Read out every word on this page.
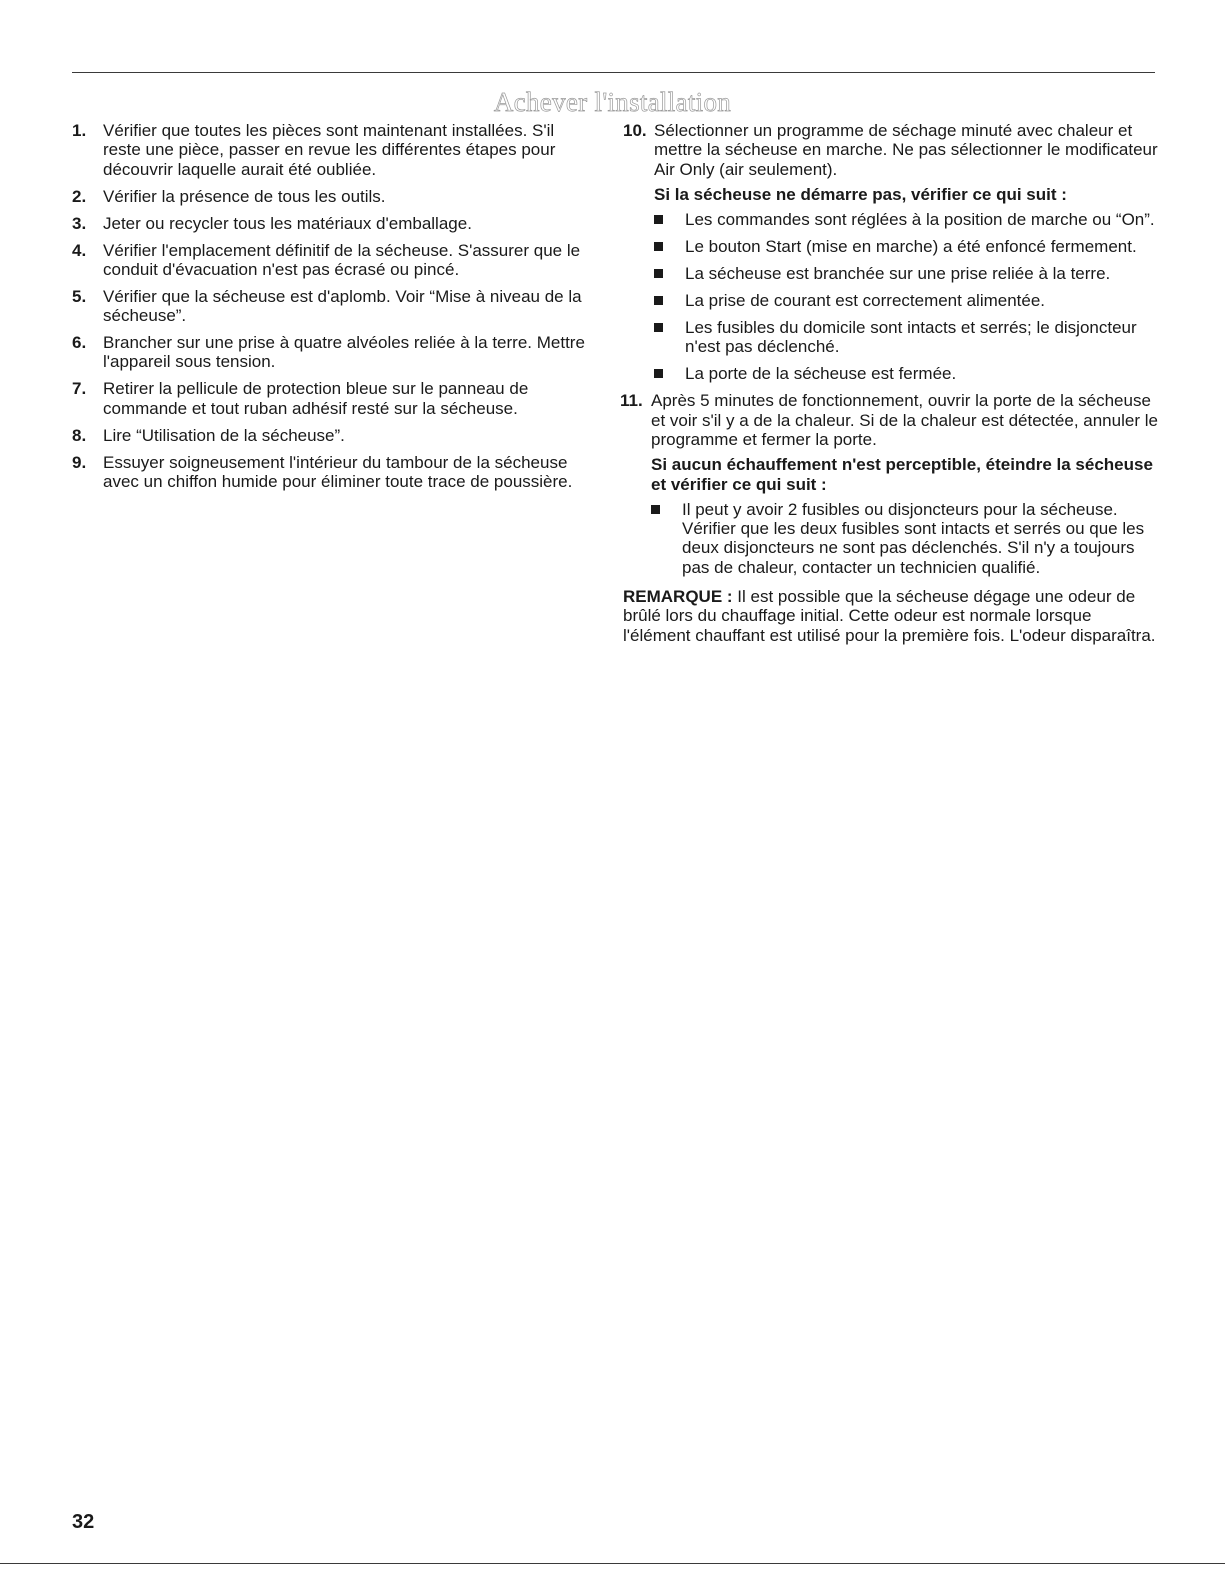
Achever l'installation
1. Vérifier que toutes les pièces sont maintenant installées. S'il reste une pièce, passer en revue les différentes étapes pour découvrir laquelle aurait été oubliée.
2. Vérifier la présence de tous les outils.
3. Jeter ou recycler tous les matériaux d'emballage.
4. Vérifier l'emplacement définitif de la sécheuse. S'assurer que le conduit d'évacuation n'est pas écrasé ou pincé.
5. Vérifier que la sécheuse est d'aplomb. Voir “Mise à niveau de la sécheuse”.
6. Brancher sur une prise à quatre alvéoles reliée à la terre. Mettre l'appareil sous tension.
7. Retirer la pellicule de protection bleue sur le panneau de commande et tout ruban adhésif resté sur la sécheuse.
8. Lire “Utilisation de la sécheuse”.
9. Essuyer soigneusement l'intérieur du tambour de la sécheuse avec un chiffon humide pour éliminer toute trace de poussière.
10. Sélectionner un programme de séchage minuté avec chaleur et mettre la sécheuse en marche. Ne pas sélectionner le modificateur Air Only (air seulement).
Si la sécheuse ne démarre pas, vérifier ce qui suit :
Les commandes sont réglées à la position de marche ou “On”.
Le bouton Start (mise en marche) a été enfoncé fermement.
La sécheuse est branchée sur une prise reliée à la terre.
La prise de courant est correctement alimentée.
Les fusibles du domicile sont intacts et serrés; le disjoncteur n'est pas déclenché.
La porte de la sécheuse est fermée.
11. Après 5 minutes de fonctionnement, ouvrir la porte de la sécheuse et voir s'il y a de la chaleur. Si de la chaleur est détectée, annuler le programme et fermer la porte.
Si aucun échauffement n'est perceptible, éteindre la sécheuse et vérifier ce qui suit :
Il peut y avoir 2 fusibles ou disjoncteurs pour la sécheuse. Vérifier que les deux fusibles sont intacts et serrés ou que les deux disjoncteurs ne sont pas déclenchés. S'il n'y a toujours pas de chaleur, contacter un technicien qualifié.
REMARQUE : Il est possible que la sécheuse dégage une odeur de brûlé lors du chauffage initial. Cette odeur est normale lorsque l'élément chauffant est utilisé pour la première fois. L'odeur disparaîtra.
32
